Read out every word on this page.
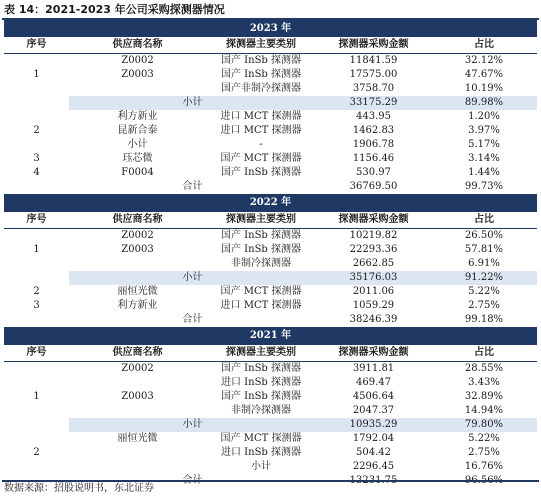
表 14：2021-2023 年公司采购探测器情况
2023 年				
序号	供应商名称	探测器主要类别	探测器采购金额	占比
	Z0002	国产 InSb 探测器	11841.59	32.12%
1	Z0003	国产 InSb 探测器	17575.00	47.67%
		国产非制冷探测器	3758.70	10.19%
	小计		33175.29	89.98%
	利方新业	进口 MCT 探测器	443.95	1.20%
2	昆新合泰	进口 MCT 探测器	1462.83	3.97%
	小计	-	1906.78	5.17%
3	珏芯微	国产 MCT 探测器	1156.46	3.14%
4	F0004	国产 InSb 探测器	530.97	1.44%
	合计		36769.50	99.73%
2022 年				
序号	供应商名称	探测器主要类别	探测器采购金额	占比
	Z0002	国产 InSb 探测器	10219.82	26.50%
1	Z0003	国产 InSb 探测器	22293.36	57.81%
		非制冷探测器	2662.85	6.91%
	小计		35176.03	91.22%
2	丽恒光微	国产 MCT 探测器	2011.06	5.22%
3	利方新业	进口 MCT 探测器	1059.29	2.75%
	合计		38246.39	99.18%
2021 年				
序号	供应商名称	探测器主要类别	探测器采购金额	占比
	Z0002	国产 InSb 探测器	3911.81	28.55%
		进口 InSb 探测器	469.47	3.43%
1	Z0003	国产 InSb 探测器	4506.64	32.89%
		非制冷探测器	2047.37	14.94%
	小计		10935.29	79.80%
	丽恒光微	国产 MCT 探测器	1792.04	5.22%
2		进口 InSb 探测器	504.42	2.75%
		小计	2296.45	16.76%
	合计		13231.75	96.56%
数据来源：招股说明书，东北证券
